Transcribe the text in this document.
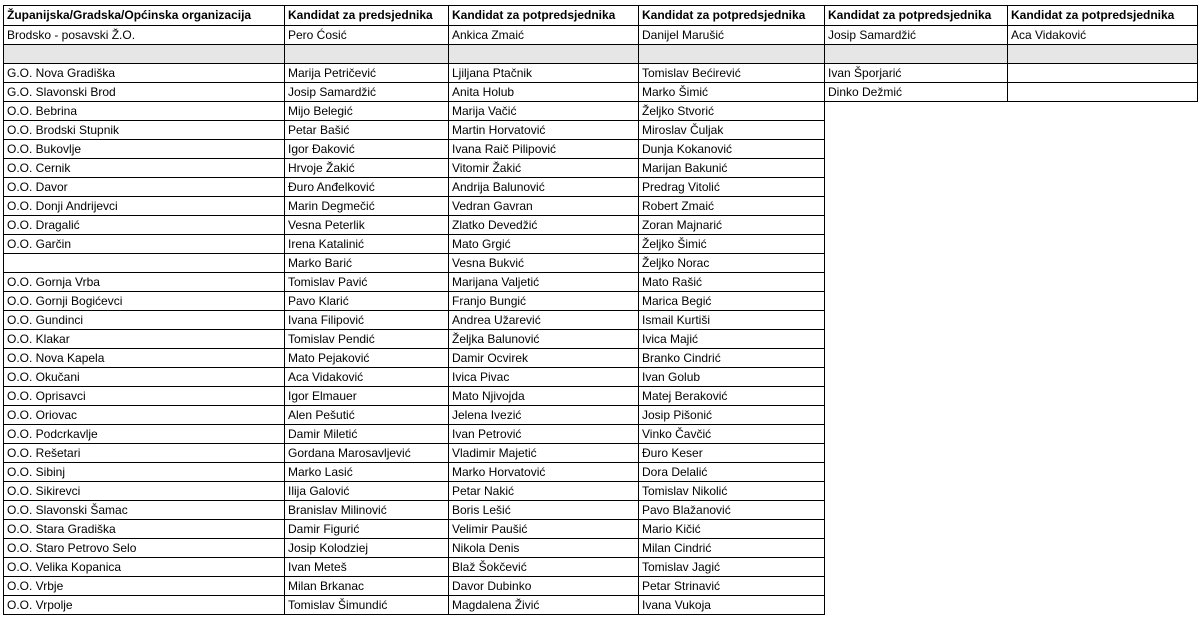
Županijska/Gradska/Općinska organizacija	Kandidat za predsjednika	Kandidat za potpredsjednika	Kandidat za potpredsjednika	Kandidat za potpredsjednika	Kandidat za potpredsjednika
Brodsko - posavski Ž.O.	Pero Ćosić	Ankica Zmaić	Danijel Marušić	Josip Samardžić	Aca Vidaković

G.O. Nova Gradiška	Marija Petričević	Ljiljana Ptačnik	Tomislav Bećirević	Ivan Šporjarić	
G.O. Slavonski Brod	Josip Samardžić	Anita Holub	Marko Šimić	Dinko Dežmić	
O.O. Bebrina	Mijo Belegić	Marija Vačić	Željko Stvorić		
O.O. Brodski Stupnik	Petar Bašić	Martin Horvatović	Miroslav Čuljak		
O.O. Bukovlje	Igor Đaković	Ivana Raič Pilipović	Dunja Kokanović		
O.O. Cernik	Hrvoje Žakić	Vitomir Žakić	Marijan Bakunić		
O.O. Davor	Đuro Anđelković	Andrija Balunović	Predrag Vitolić		
O.O. Donji Andrijevci	Marin Degmečić	Vedran Gavran	Robert Zmaić		
O.O. Dragalić	Vesna Peterlik	Zlatko Devedžić	Zoran Majnarić		
O.O. Garčin	Irena Katalinić	Mato Grgić	Željko Šimić		
	Marko Barić	Vesna Bukvić	Željko Norac		
O.O. Gornja Vrba	Tomislav Pavić	Marijana Valjetić	Mato Rašić		
O.O. Gornji Bogićevci	Pavo Klarić	Franjo Bungić	Marica Begić		
O.O. Gundinci	Ivana Filipović	Andrea Užarević	Ismail Kurtiši		
O.O. Klakar	Tomislav Pendić	Željka Balunović	Ivica Majić		
O.O. Nova Kapela	Mato Pejaković	Damir Ocvirek	Branko Cindrić		
O.O. Okučani	Aca Vidaković	Ivica Pivac	Ivan Golub		
O.O. Oprisavci	Igor Elmauer	Mato Njivojda	Matej Beraković		
O.O. Oriovac	Alen Pešutić	Jelena Ivezić	Josip Pišonić		
O.O. Podcrkavlje	Damir Miletić	Ivan Petrović	Vinko Čavčić		
O.O. Rešetari	Gordana Marosavljević	Vladimir Majetić	Đuro Keser		
O.O. Sibinj	Marko Lasić	Marko Horvatović	Dora Delalić		
O.O. Sikirevci	Ilija Galović	Petar Nakić	Tomislav Nikolić		
O.O. Slavonski Šamac	Branislav Milinović	Boris Lešić	Pavo Blažanović		
O.O. Stara Gradiška	Damir Figurić	Velimir Paušić	Mario Kičić		
O.O. Staro Petrovo Selo	Josip Kolodziej	Nikola Denis	Milan Cindrić		
O.O. Velika Kopanica	Ivan Meteš	Blaž Šokčević	Tomislav Jagić		
O.O. Vrbje	Milan Brkanac	Davor Dubinko	Petar Strinavić		
O.O. Vrpolje	Tomislav Šimundić	Magdalena Živić	Ivana Vukoja		
